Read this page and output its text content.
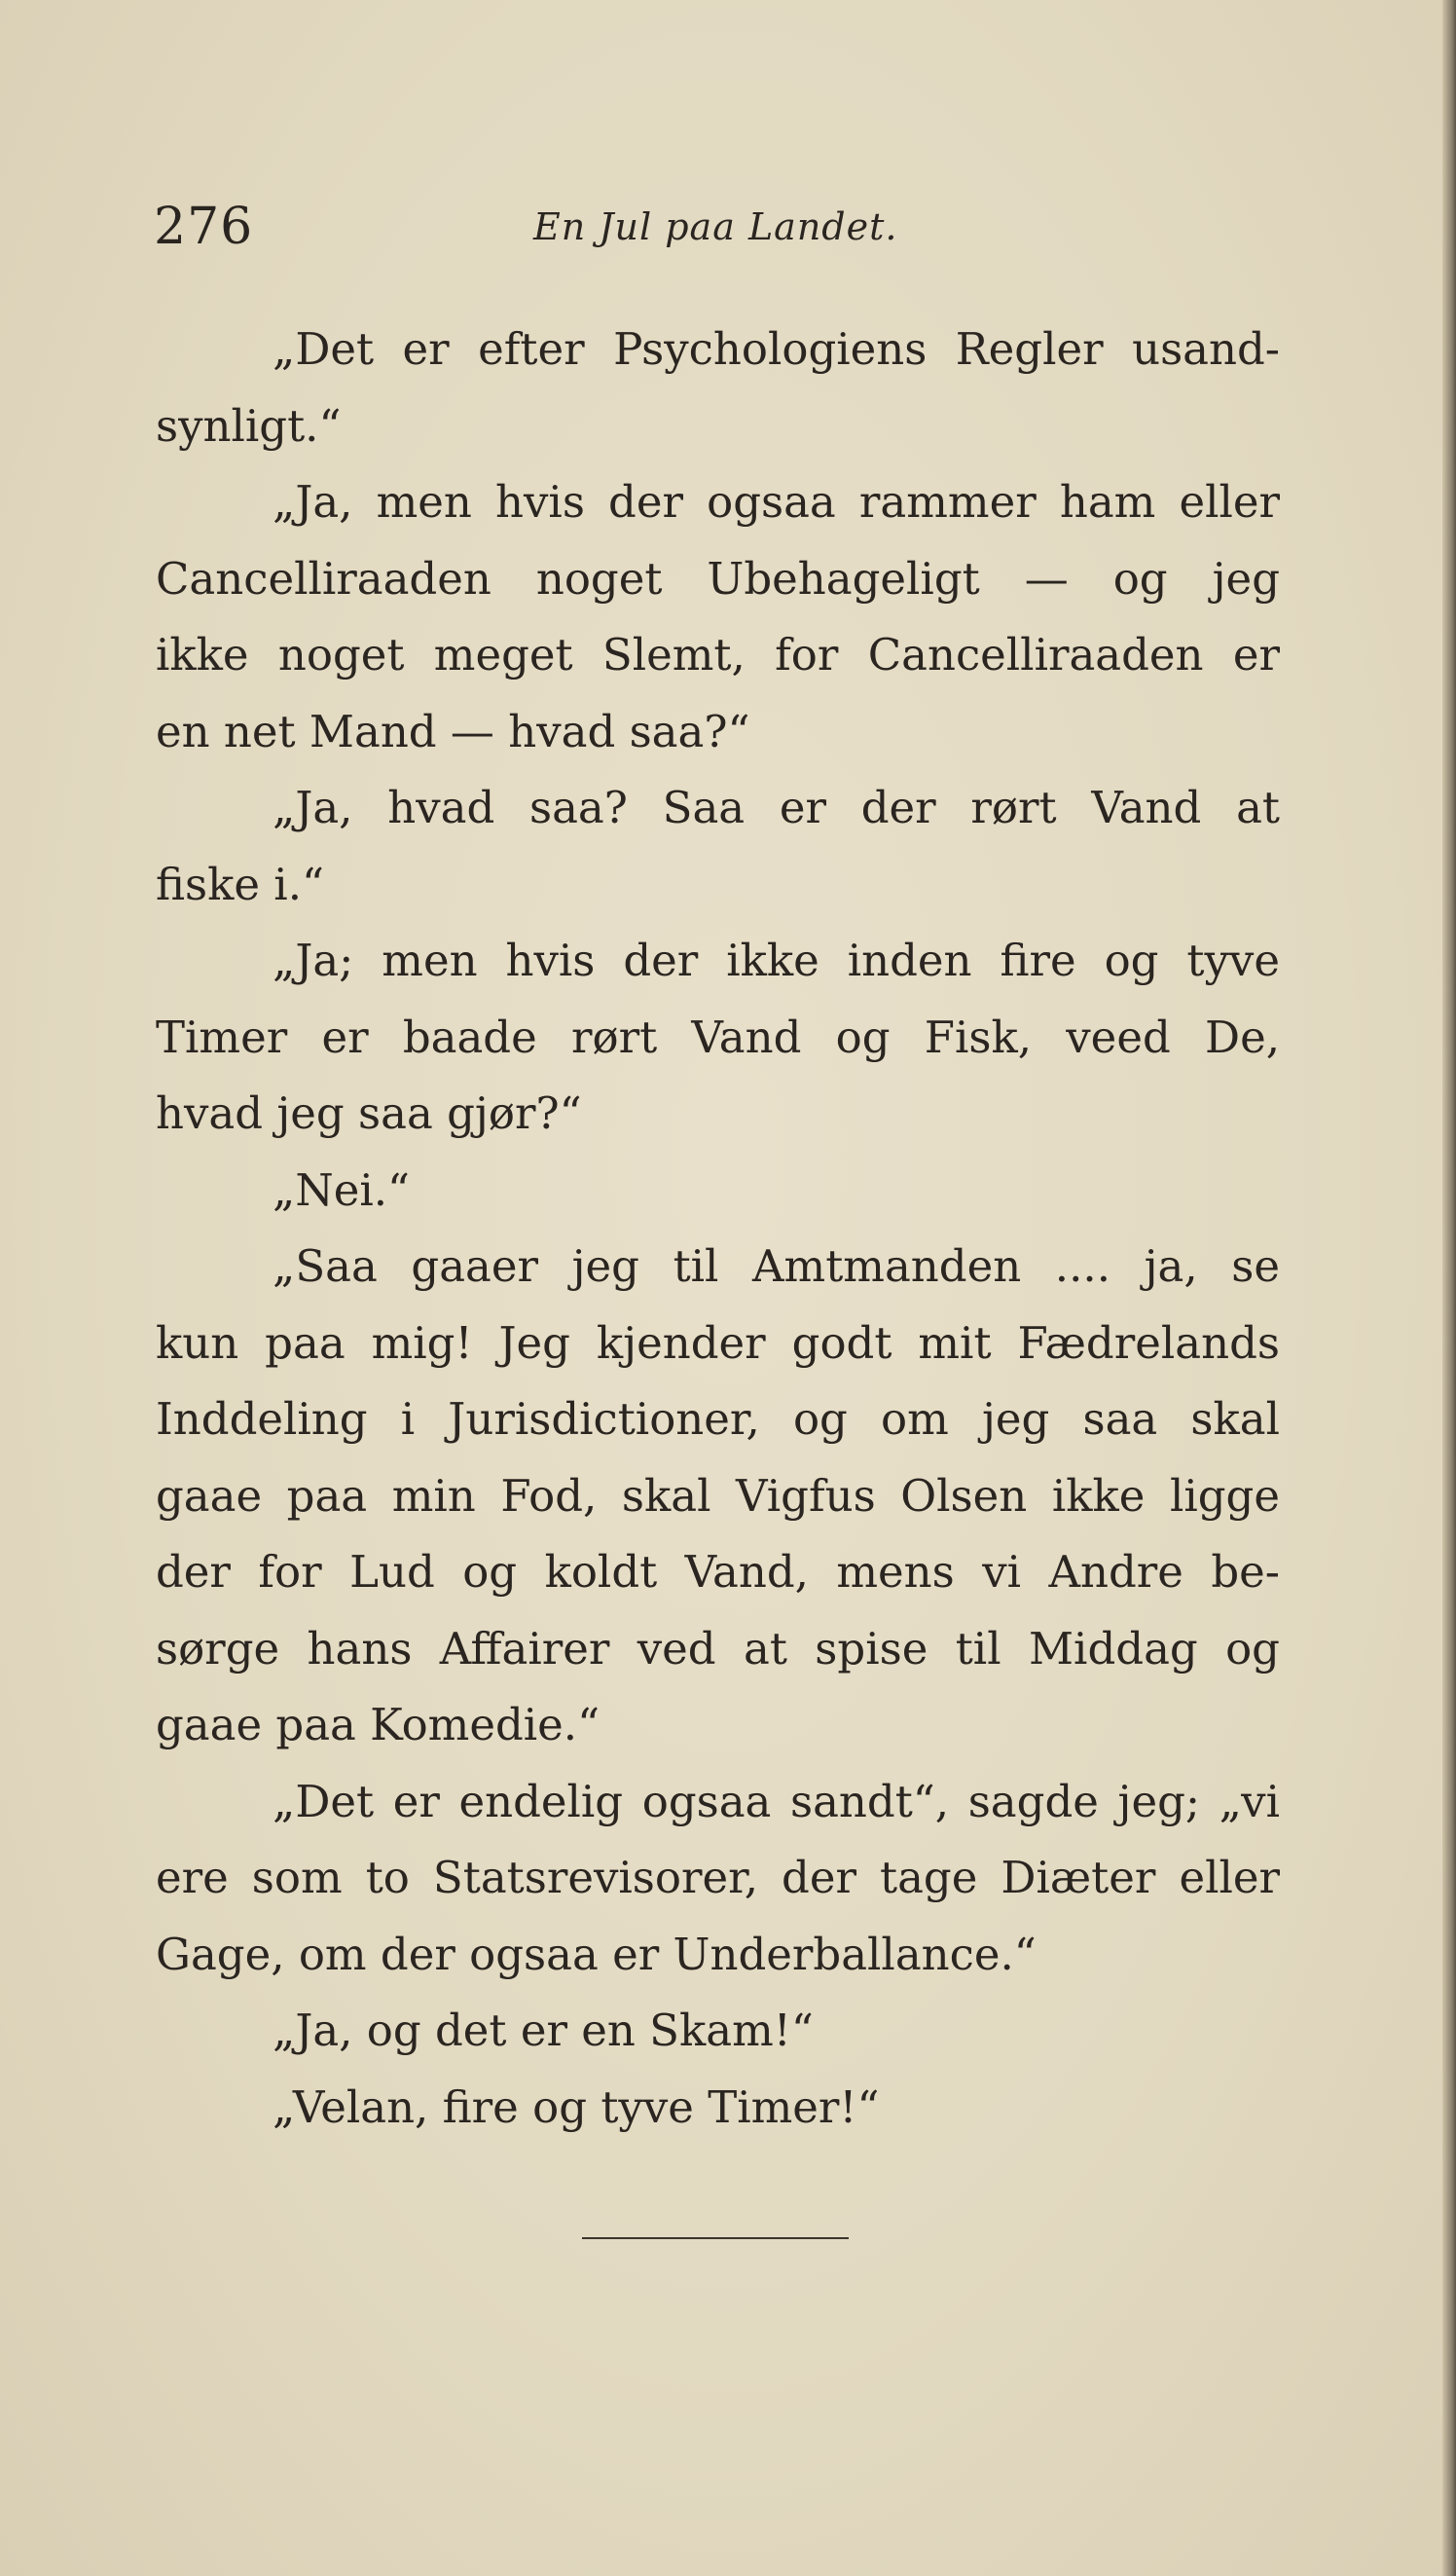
276	En Jul paa Landet.
„Det er efter Psychologiens Regler usand-
synligt.“
„Ja, men hvis der ogsaa rammer ham eller
Cancelliraaden noget Ubehageligt — og jeg
ikke noget meget Slemt, for Cancelliraaden er
en net Mand — hvad saa?“
„Ja, hvad saa? Saa er der rørt Vand at
fiske i.“
„Ja; men hvis der ikke inden fire og tyve
Timer er baade rørt Vand og Fisk, veed De,
hvad jeg saa gjør?“
„Nei.“
„Saa gaaer jeg til Amtmanden .... ja, se
kun paa mig! Jeg kjender godt mit Fædrelands
Inddeling i Jurisdictioner, og om jeg saa skal
gaae paa min Fod, skal Vigfus Olsen ikke ligge
der for Lud og koldt Vand, mens vi Andre be-
sørge hans Affairer ved at spise til Middag og
gaae paa Komedie.“
„Det er endelig ogsaa sandt“, sagde jeg; „vi
ere som to Statsrevisorer, der tage Diæter eller
Gage, om der ogsaa er Underballance.“
„Ja, og det er en Skam!“
„Velan, fire og tyve Timer!“
